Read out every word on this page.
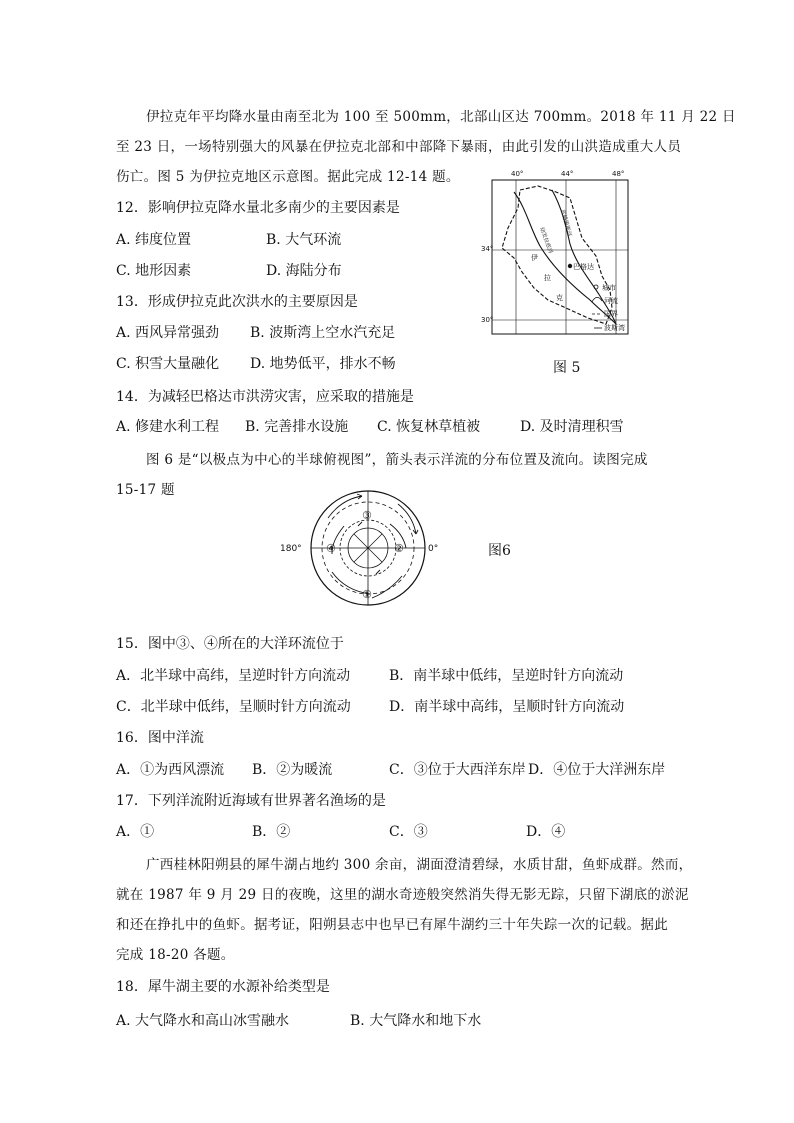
伊拉克年平均降水量由南至北为 100 至 500mm，北部山区达 700mm。2018 年 11 月 22 日
至 23 日，一场特别强大的风暴在伊拉克北部和中部降下暴雨，由此引发的山洪造成重大人员
伤亡。图 5 为伊拉克地区示意图。据此完成 12-14 题。
12．影响伊拉克降水量北多南少的主要因素是
A. 纬度位置	B. 大气环流
C. 地形因素	D. 海陆分布
13．形成伊拉克此次洪水的主要原因是
A. 西风异常强劲 B. 波斯湾上空水汽充足
C. 积雪大量融化 D. 地势低平，排水不畅
14．为减轻巴格达市洪涝灾害，应采取的措施是
A. 修建水利工程 B. 完善排水设施 C. 恢复林草植被	D. 及时清理积雪
40°	44°	48°
34°
30°
巴格达
伊
拉
克
幼发拉底河
底格里斯河
城市
河流
国界
波斯湾
图 5
图 6 是“以极点为中心的半球俯视图”，箭头表示洋流的分布位置及流向。读图完成
15-17 题
①
②
③
④
180°	0°	图6
15．图中③、④所在的大洋环流位于
A．北半球中高纬，呈逆时针方向流动	B．南半球中低纬，呈逆时针方向流动
C．北半球中低纬，呈顺时针方向流动	D．南半球中高纬，呈顺时针方向流动
16．图中洋流
A．①为西风漂流 B．②为暖流	C．③位于大西洋东岸 D．④位于大洋洲东岸
17．下列洋流附近海域有世界著名渔场的是
A．①	B．②	C．③	D．④
广西桂林阳朔县的犀牛湖占地约 300 余亩，湖面澄清碧绿，水质甘甜，鱼虾成群。然而，
就在 1987 年 9 月 29 日的夜晚，这里的湖水奇迹般突然消失得无影无踪，只留下湖底的淤泥
和还在挣扎中的鱼虾。据考证，阳朔县志中也早已有犀牛湖约三十年失踪一次的记载。据此
完成 18-20 各题。
18．犀牛湖主要的水源补给类型是
A. 大气降水和高山冰雪融水	B. 大气降水和地下水
